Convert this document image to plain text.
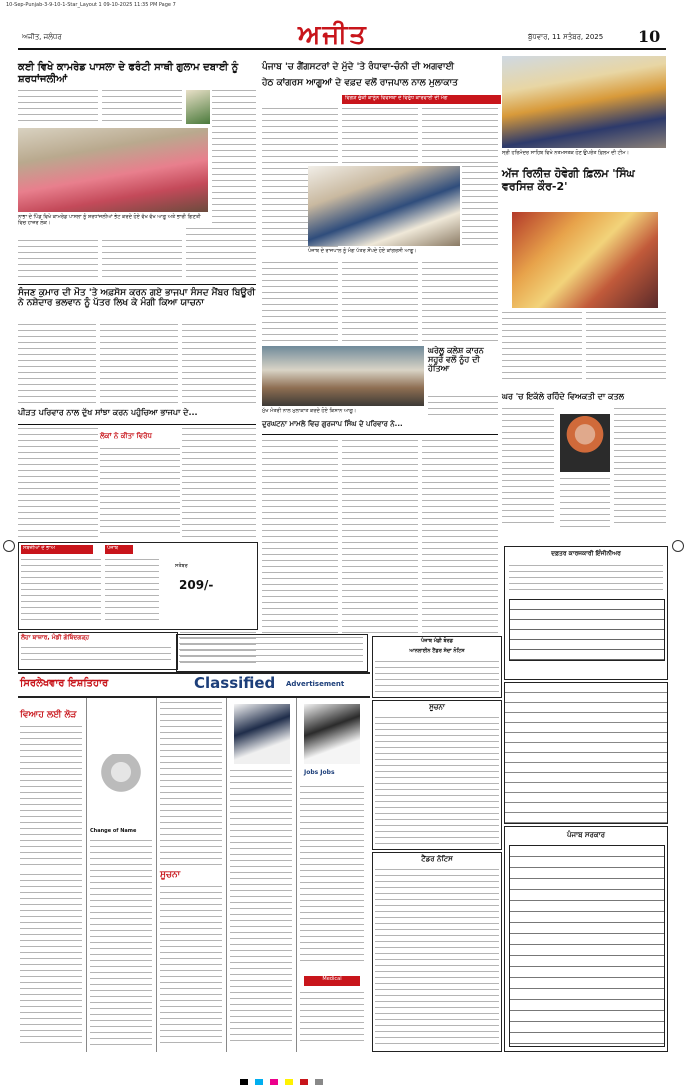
10-Sep-Punjab-3-9-10-1-Star_Layout 1 09-10-2025 11:35 PM Page 7
ਅਜੀਤ, ਜਲੰਧਰ	ਅਜੀਤ	ਬੁੱਧਵਾਰ, 11 ਸਤੰਬਰ, 2025 10
ਕਈ ਵਿਖੇ ਕਾਮਰੇਡ ਪਾਸਲਾ ਦੇ ਫਰੰਟੀ ਸਾਥੀ ਗੁਲਾਮ ਦਬਾਈ ਨੂੰ ਸ਼ਰਧਾਂਜਲੀਆਂ
ਨਾਭਾ ਦੇ ਪਿੰਡ ਵਿਖੇ ਕਾਮਰੇਡ ਪਾਸਲਾ ਨੂੰ ਸ਼ਰਧਾਂਜਲੀਆਂ ਭੇਟ ਕਰਦੇ ਹੋਏ ਵੱਖ ਵੱਖ ਆਗੂ ਅਤੇ ਭਾਰੀ ਗਿਣਤੀ ਵਿਚ ਹਾਜ਼ਰ ਲੋਕ।
ਸੰਜਣ ਕੁਮਾਰ ਦੀ ਮੌਤ 'ਤੇ ਅਫ਼ਸੋਸ ਕਰਨ ਗਏ ਭਾਜਪਾ ਸੰਸਦ ਮੈਂਬਰ ਬਿਊਰੀ ਨੇ ਨਸ਼ੇਦਾਰ ਭਲਵਾਨ ਨੂੰ ਪੱਤਰ ਲਿਖ ਕੇ ਮੰਗੀ ਕਿਆ ਯਾਚਨਾ
ਪੀੜਤ ਪਰਿਵਾਰ ਨਾਲ ਦੁੱਖ ਸਾਂਝਾ ਕਰਨ ਪਹੁੰਚਿਆ ਭਾਜਪਾ ਦੇ...
ਲੋਕਾਂ ਨੇ ਕੀਤਾ ਵਿਰੋਧ
ਸਬਜ਼ੀਆਂ ਦੇ ਭਾਅ	ਪੰਜਾਬ
ਸਤੰਬਰ
209/-
ਲੋਹਾ ਬਾਜ਼ਾਰ, ਮੰਡੀ ਗੋਬਿੰਦਗੜ੍ਹ
ਪੰਜਾਬ 'ਚ ਗੈਂਗਸਟਰਾਂ ਦੇ ਮੁੱਦੇ 'ਤੇ ਰੰਧਾਵਾ-ਚੰਨੀ ਦੀ ਅਗਵਾਈ
ਹੇਠ ਕਾਂਗਰਸ ਆਗੂਆਂ ਦੇ ਵਫ਼ਦ ਵਲੋਂ ਰਾਜਪਾਲ ਨਾਲ ਮੁਲਾਕਾਤ
ਵਿਗੜ ਚੁੱਕੀ ਕਾਨੂੰਨ ਵਿਵਸਥਾ ਦੇ ਵਿਰੁੱਧ ਕਾਰਵਾਈ ਦੀ ਮੰਗ
ਪੰਜਾਬ ਦੇ ਰਾਜਪਾਲ ਨੂੰ ਮੰਗ ਪੱਤਰ ਸੌਂਪਦੇ ਹੋਏ ਕਾਂਗਰਸੀ ਆਗੂ।
ਮੁੱਖ ਮੰਤਰੀ ਨਾਲ ਮੁਲਾਕਾਤ ਕਰਦੇ ਹੋਏ ਕਿਸਾਨ ਆਗੂ।
ਘਰੇਲੂ ਕਲੇਸ਼ ਕਾਰਨ ਸਹੁਰੇ ਵਲੋਂ ਨੂੰਹ ਦੀ ਹੱਤਿਆ
ਦੁਰਘਟਨਾ ਮਾਮਲੇ ਵਿਚ ਗੁਰਜਾਪ ਸਿੰਘ ਦੇ ਪਰਿਵਾਰ ਨੇ...
ਸ੍ਰੀ ਹਰਿਮੰਦਰ ਸਾਹਿਬ ਵਿਖੇ ਨਤਮਸਤਕ ਹੋਣ ਉਪਰੰਤ ਫ਼ਿਲਮ ਦੀ ਟੀਮ।
ਅੱਜ ਰਿਲੀਜ਼ ਹੋਵੇਗੀ ਫ਼ਿਲਮ 'ਸਿੰਘ ਵਰਸਿਜ਼ ਕੌਰ-2'
ਘਰ 'ਚ ਇਕੱਲੇ ਰਹਿੰਦੇ ਵਿਅਕਤੀ ਦਾ ਕਤਲ
ਦਫ਼ਤਰ ਕਾਰਜਕਾਰੀ ਇੰਜੀਨੀਅਰ
ਪੰਜਾਬ ਸਰਕਾਰ
ਪੰਜਾਬ ਮੰਡੀ ਬੋਰਡ
ਆਨਲਾਈਨ ਟੈਂਡਰ ਸੱਦਾ ਨੋਟਿਸ
ਸੂਚਨਾ
ਟੈਂਡਰ ਨੋਟਿਸ
ਸਿਰਲੇਖਵਾਰ ਇਸ਼ਤਿਹਾਰ	Classified	Advertisement
ਵਿਆਹ ਲਈ ਲੋੜ
Change of Name
ਸੂਚਨਾ
Jobs Jobs
Medical
